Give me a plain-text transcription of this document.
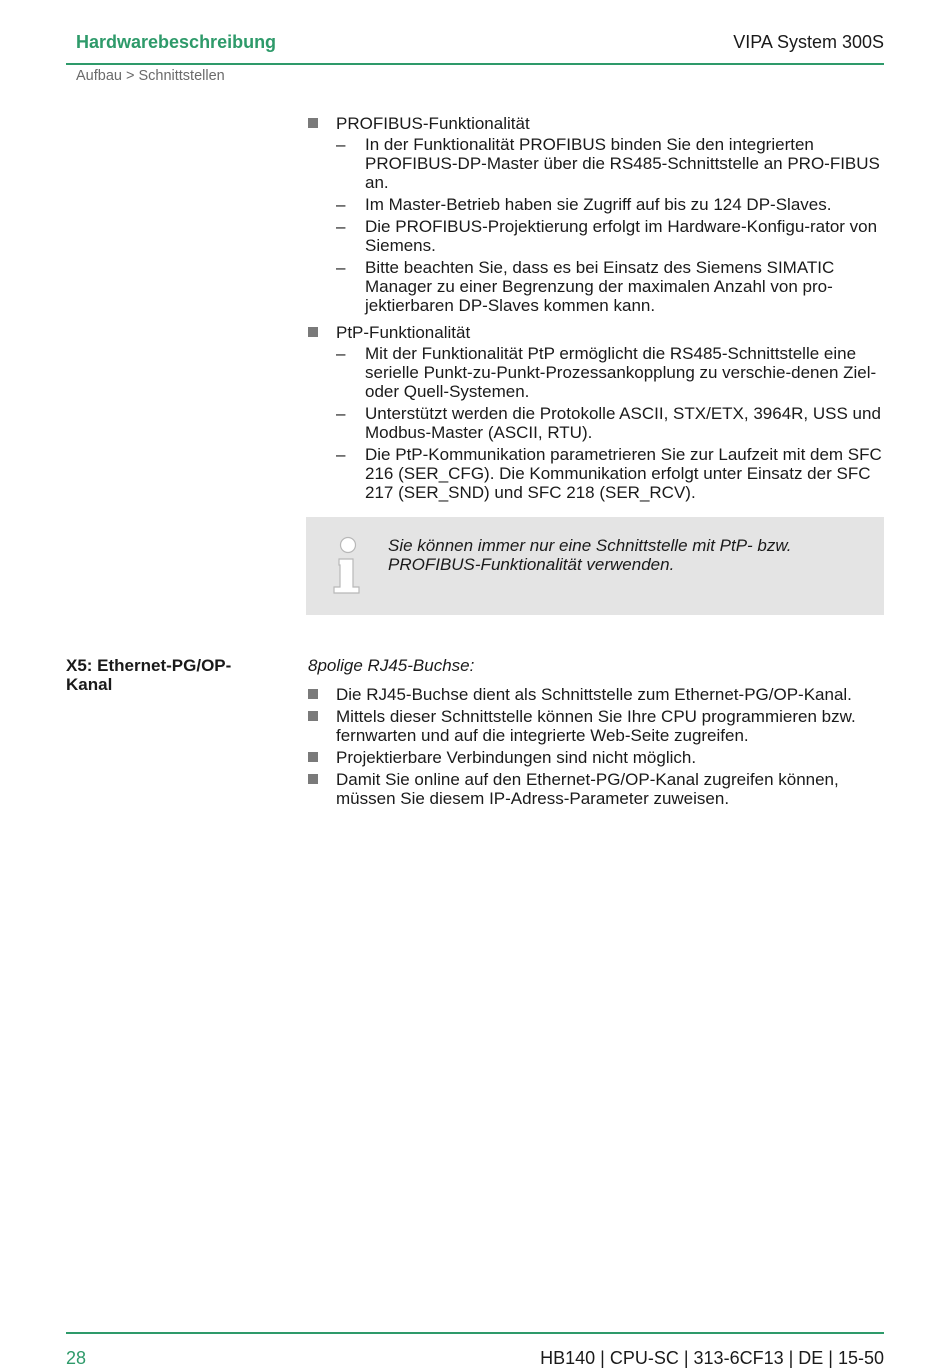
Hardwarebeschreibung	VIPA System 300S
Aufbau > Schnittstellen
PROFIBUS-Funktionalität
–	In der Funktionalität PROFIBUS binden Sie den integrierten PROFIBUS-DP-Master über die RS485-Schnittstelle an PRO-FIBUS an.
–	Im Master-Betrieb haben sie Zugriff auf bis zu 124 DP-Slaves.
–	Die PROFIBUS-Projektierung erfolgt im Hardware-Konfigu-rator von Siemens.
–	Bitte beachten Sie, dass es bei Einsatz des Siemens SIMATIC Manager zu einer Begrenzung der maximalen Anzahl von pro-jektierbaren DP-Slaves kommen kann.
PtP-Funktionalität
–	Mit der Funktionalität PtP ermöglicht die RS485-Schnittstelle eine serielle Punkt-zu-Punkt-Prozessankopplung zu verschie-denen Ziel- oder Quell-Systemen.
–	Unterstützt werden die Protokolle ASCII, STX/ETX, 3964R, USS und Modbus-Master (ASCII, RTU).
–	Die PtP-Kommunikation parametrieren Sie zur Laufzeit mit dem SFC 216 (SER_CFG). Die Kommunikation erfolgt unter Einsatz der SFC 217 (SER_SND) und SFC 218 (SER_RCV).
Sie können immer nur eine Schnittstelle mit PtP- bzw. PROFIBUS-Funktionalität verwenden.
X5: Ethernet-PG/OP-Kanal
8polige RJ45-Buchse:
Die RJ45-Buchse dient als Schnittstelle zum Ethernet-PG/OP-Kanal.
Mittels dieser Schnittstelle können Sie Ihre CPU programmieren bzw. fernwarten und auf die integrierte Web-Seite zugreifen.
Projektierbare Verbindungen sind nicht möglich.
Damit Sie online auf den Ethernet-PG/OP-Kanal zugreifen können, müssen Sie diesem IP-Adress-Parameter zuweisen.
28	HB140 | CPU-SC | 313-6CF13 | DE | 15-50
